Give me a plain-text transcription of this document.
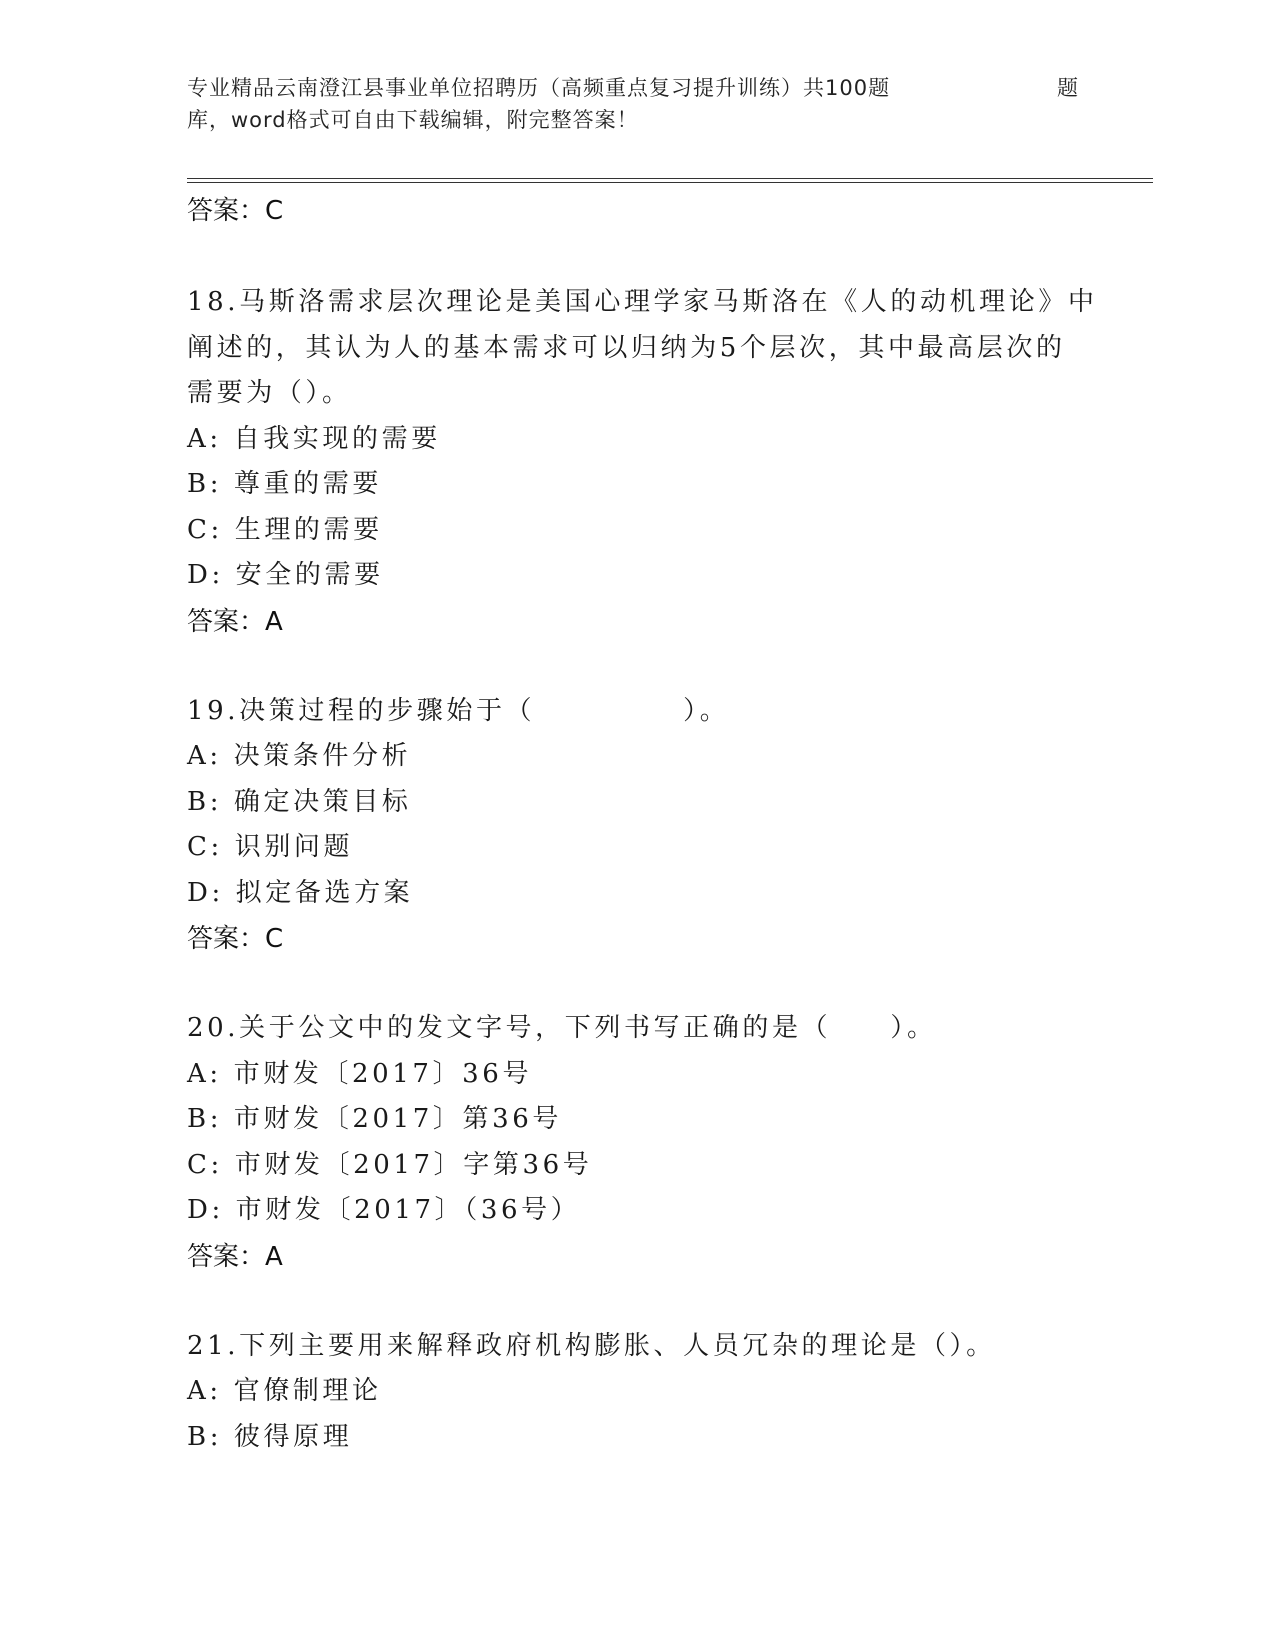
专业精品云南澄江县事业单位招聘历（高频重点复习提升训练）共100题	题
库，word格式可自由下载编辑，附完整答案！
答案：C
18.马斯洛需求层次理论是美国心理学家马斯洛在《人的动机理论》中
阐述的，其认为人的基本需求可以归纳为5个层次，其中最高层次的
需要为（）。
A: 自我实现的需要
B: 尊重的需要
C: 生理的需要
D: 安全的需要
答案：A
19.决策过程的步骤始于（　　　　　）。
A: 决策条件分析
B: 确定决策目标
C: 识别问题
D: 拟定备选方案
答案：C
20.关于公文中的发文字号，下列书写正确的是（　　）。
A: 市财发〔2017〕36号
B: 市财发〔2017〕第36号
C: 市财发〔2017〕字第36号
D: 市财发〔2017〕（36号）
答案：A
21.下列主要用来解释政府机构膨胀、人员冗杂的理论是（）。
A: 官僚制理论
B: 彼得原理
